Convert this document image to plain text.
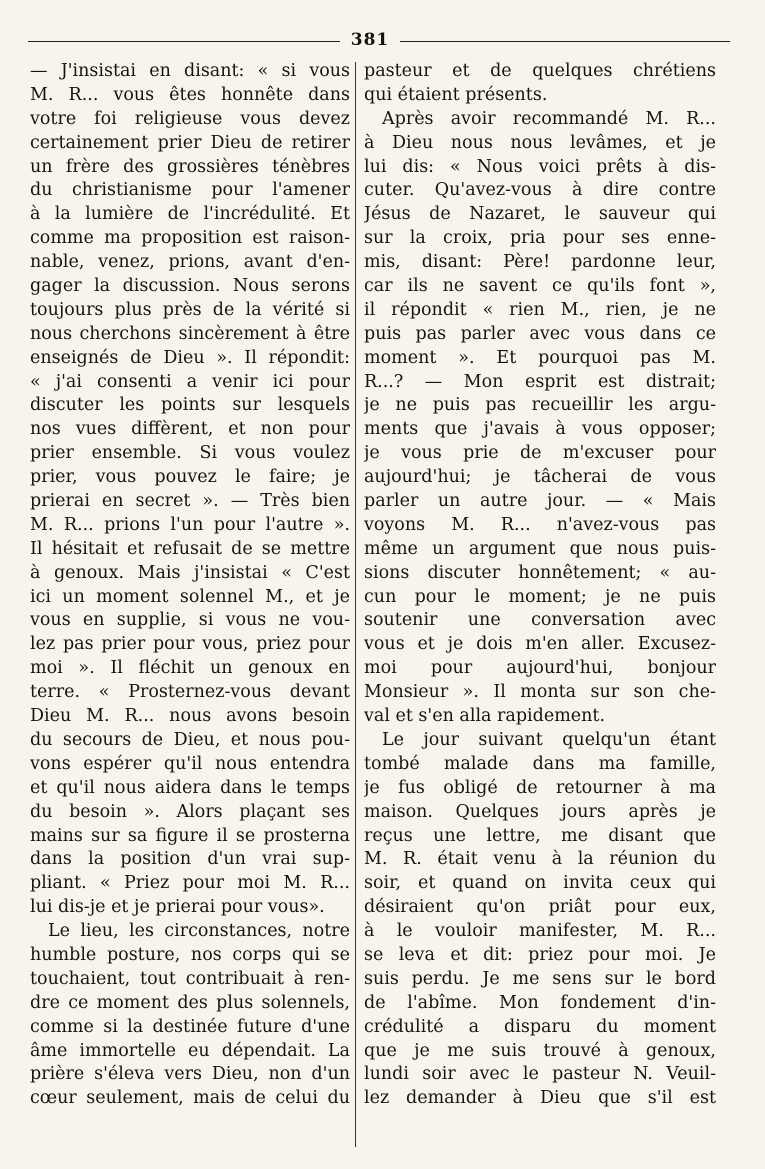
381
— J'insistai en disant: « si vous
M. R... vous êtes honnête dans
votre foi religieuse vous devez
certainement prier Dieu de retirer
un frère des grossières ténèbres
du christianisme pour l'amener
à la lumière de l'incrédulité. Et
comme ma proposition est raison-
nable, venez, prions, avant d'en-
gager la discussion. Nous serons
toujours plus près de la vérité si
nous cherchons sincèrement à être
enseignés de Dieu ». Il répondit:
« j'ai consenti a venir ici pour
discuter les points sur lesquels
nos vues diffèrent, et non pour
prier ensemble. Si vous voulez
prier, vous pouvez le faire; je
prierai en secret ». — Très bien
M. R... prions l'un pour l'autre ».
Il hésitait et refusait de se mettre
à genoux. Mais j'insistai « C'est
ici un moment solennel M., et je
vous en supplie, si vous ne vou-
lez pas prier pour vous, priez pour
moi ». Il fléchit un genoux en
terre. « Prosternez-vous devant
Dieu M. R... nous avons besoin
du secours de Dieu, et nous pou-
vons espérer qu'il nous entendra
et qu'il nous aidera dans le temps
du besoin ». Alors plaçant ses
mains sur sa figure il se prosterna
dans la position d'un vrai sup-
pliant. « Priez pour moi M. R...
lui dis-je et je prierai pour vous».
Le lieu, les circonstances, notre
humble posture, nos corps qui se
touchaient, tout contribuait à ren-
dre ce moment des plus solennels,
comme si la destinée future d'une
âme immortelle eu dépendait. La
prière s'éleva vers Dieu, non d'un
cœur seulement, mais de celui du
pasteur et de quelques chrétiens
qui étaient présents.
Après avoir recommandé M. R...
à Dieu nous nous levâmes, et je
lui dis: « Nous voici prêts à dis-
cuter. Qu'avez-vous à dire contre
Jésus de Nazaret, le sauveur qui
sur la croix, pria pour ses enne-
mis, disant: Père! pardonne leur,
car ils ne savent ce qu'ils font »,
il répondit « rien M., rien, je ne
puis pas parler avec vous dans ce
moment ». Et pourquoi pas M.
R...? — Mon esprit est distrait;
je ne puis pas recueillir les argu-
ments que j'avais à vous opposer;
je vous prie de m'excuser pour
aujourd'hui; je tâcherai de vous
parler un autre jour. — « Mais
voyons M. R... n'avez-vous pas
même un argument que nous puis-
sions discuter honnêtement; « au-
cun pour le moment; je ne puis
soutenir une conversation avec
vous et je dois m'en aller. Excusez-
moi pour aujourd'hui, bonjour
Monsieur ». Il monta sur son che-
val et s'en alla rapidement.
Le jour suivant quelqu'un étant
tombé malade dans ma famille,
je fus obligé de retourner à ma
maison. Quelques jours après je
reçus une lettre, me disant que
M. R. était venu à la réunion du
soir, et quand on invita ceux qui
désiraient qu'on priât pour eux,
à le vouloir manifester, M. R...
se leva et dit: priez pour moi. Je
suis perdu. Je me sens sur le bord
de l'abîme. Mon fondement d'in-
crédulité a disparu du moment
que je me suis trouvé à genoux,
lundi soir avec le pasteur N. Veuil-
lez demander à Dieu que s'il est
